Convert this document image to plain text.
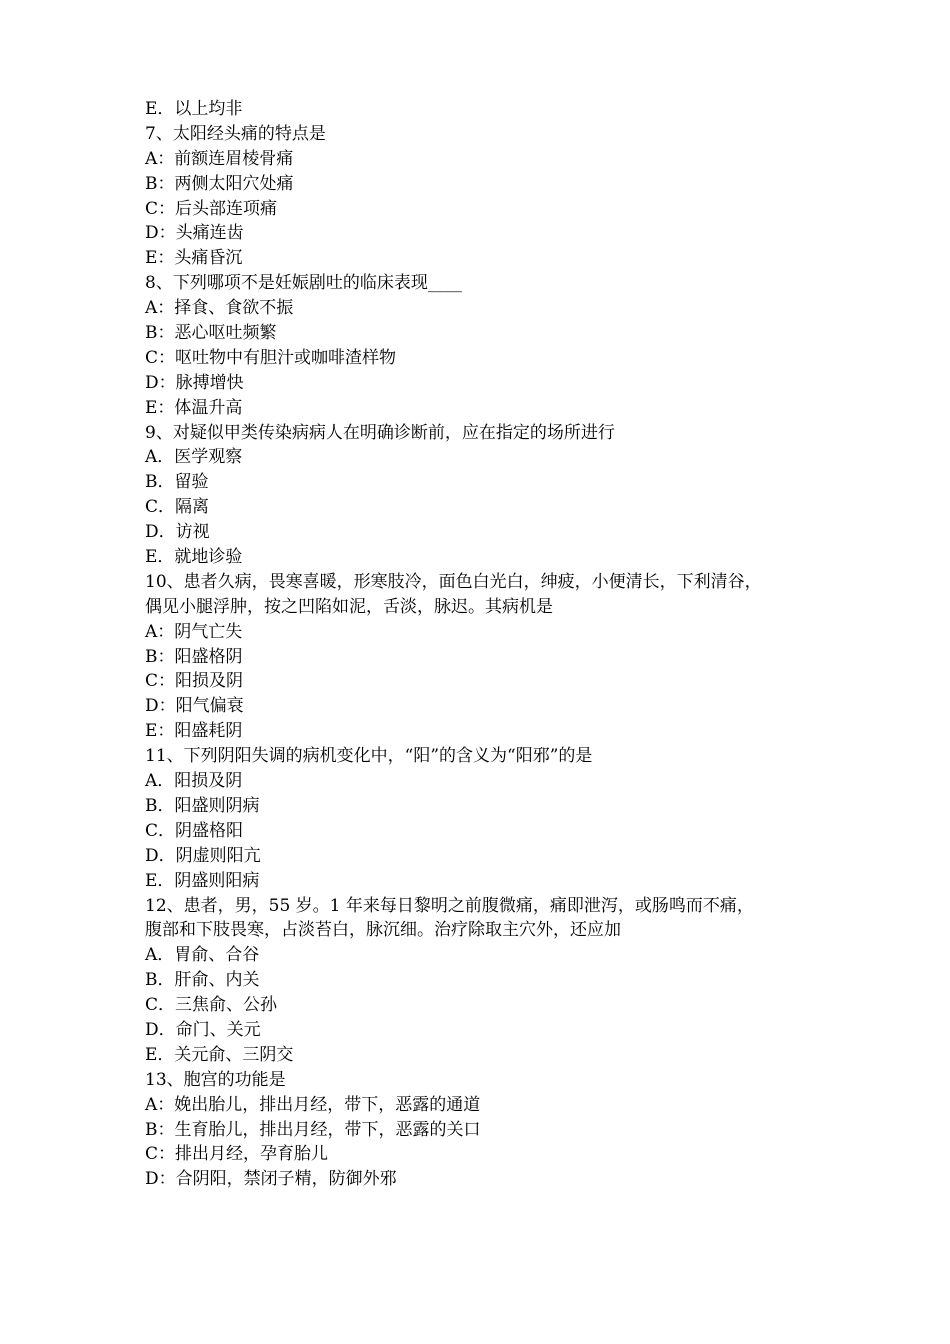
E．以上均非
7、太阳经头痛的特点是
A：前额连眉棱骨痛
B：两侧太阳穴处痛
C：后头部连项痛
D：头痛连齿
E：头痛昏沉
8、下列哪项不是妊娠剧吐的临床表现____
A：择食、食欲不振
B：恶心呕吐频繁
C：呕吐物中有胆汁或咖啡渣样物
D：脉搏增快
E：体温升高
9、对疑似甲类传染病病人在明确诊断前，应在指定的场所进行
A．医学观察
B．留验
C．隔离
D．访视
E．就地诊验
10、患者久病，畏寒喜暖，形寒肢冷，面色白光白，绅疲，小便清长，下利清谷，
偶见小腿浮肿，按之凹陷如泥，舌淡，脉迟。其病机是
A：阴气亡失
B：阳盛格阴
C：阳损及阴
D：阳气偏衰
E：阳盛耗阴
11、下列阴阳失调的病机变化中，“阳”的含义为“阳邪”的是
A．阳损及阴
B．阳盛则阴病
C．阴盛格阳
D．阴虚则阳亢
E．阴盛则阳病
12、患者，男，55 岁。1 年来每日黎明之前腹微痛，痛即泄泻，或肠鸣而不痛，
腹部和下肢畏寒，占淡苔白，脉沉细。治疗除取主穴外，还应加
A．胃俞、合谷
B．肝俞、内关
C．三焦俞、公孙
D．命门、关元
E．关元俞、三阴交
13、胞宫的功能是
A：娩出胎儿，排出月经，带下，恶露的通道
B：生育胎儿，排出月经，带下，恶露的关口
C：排出月经，孕育胎儿
D：合阴阳，禁闭子精，防御外邪
